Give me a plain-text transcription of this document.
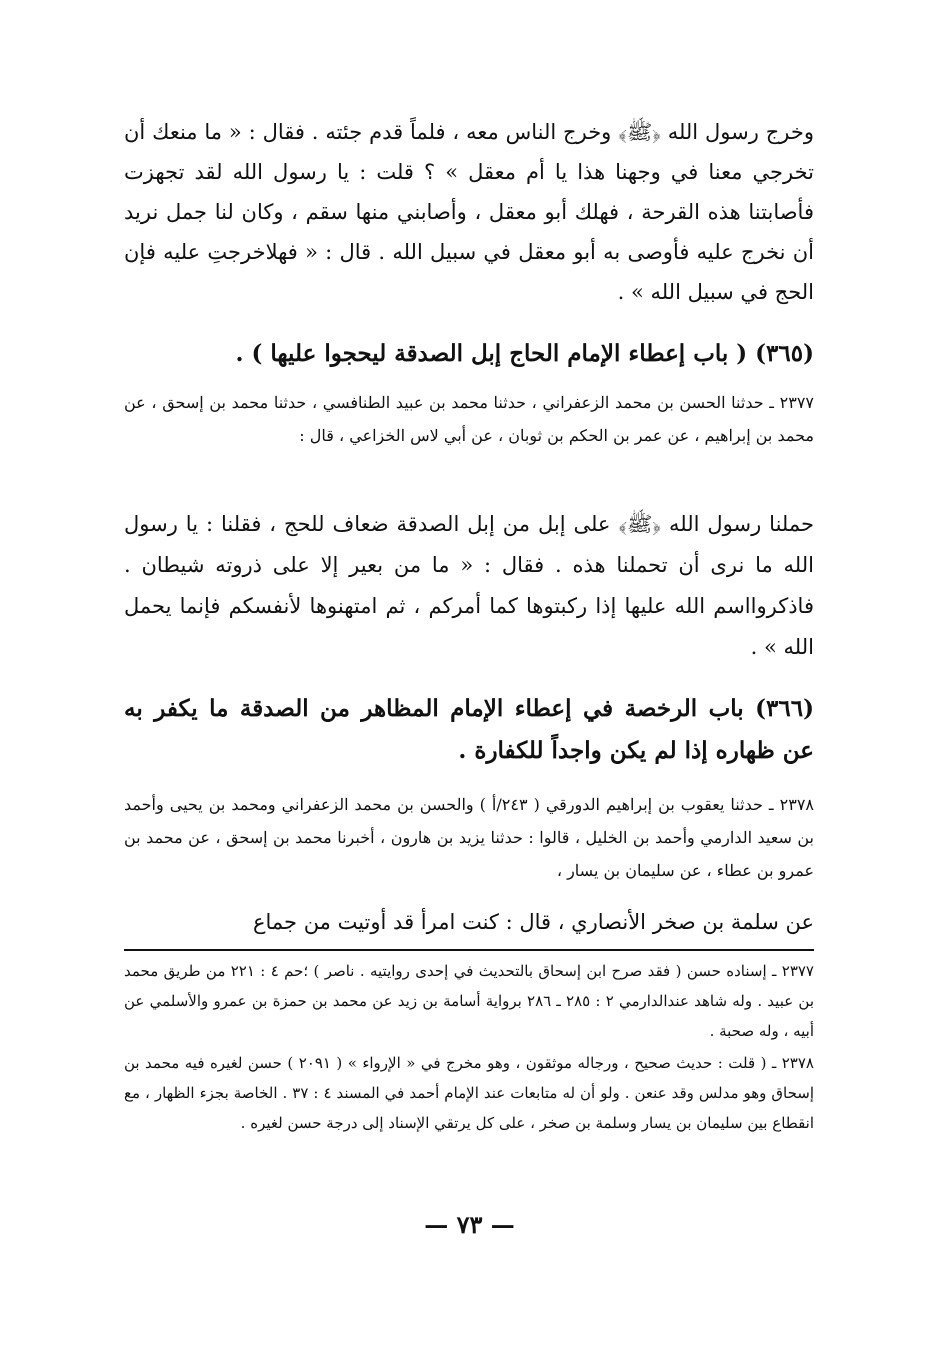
وخرج رسول الله ﴿ﷺ﴾ وخرج الناس معه ، فلماً قدم جئته . فقال : « ما منعك أن تخرجي معنا في وجهنا هذا يا أم معقل » ؟ قلت : يا رسول الله لقد تجهزت فأصابتنا هذه القرحة ، فهلك أبو معقل ، وأصابني منها سقم ، وكان لنا جمل نريد أن نخرج عليه فأوصى به أبو معقل في سبيل الله . قال : « فهلاخرجتِ عليه فإن الحج في سبيل الله » .

(٣٦٥) ( باب إعطاء الإمام الحاج إبل الصدقة ليحجوا عليها ) .

٢٣٧٧ ـ حدثنا الحسن بن محمد الزعفراني ، حدثنا محمد بن عبيد الطنافسي ، حدثنا محمد بن إسحق ، عن محمد بن إبراهيم ، عن عمر بن الحكم بن ثوبان ، عن أبي لاس الخزاعي ، قال :

حملنا رسول الله ﴿ﷺ﴾ على إبل من إبل الصدقة ضعاف للحج ، فقلنا : يا رسول الله ما نرى أن تحملنا هذه . فقال : « ما من بعير إلا على ذروته شيطان . فاذكروااسم الله عليها إذا ركبتوها كما أمركم ، ثم امتهنوها لأنفسكم فإنما يحمل الله » .

(٣٦٦) باب الرخصة في إعطاء الإمام المظاهر من الصدقة ما يكفر به عن ظهاره إذا لم يكن واجداً للكفارة .

٢٣٧٨ ـ حدثنا يعقوب بن إبراهيم الدورقي ( ٢٤٣/أ ) والحسن بن محمد الزعفراني ومحمد بن يحيى وأحمد بن سعيد الدارمي وأحمد بن الخليل ، قالوا : حدثنا يزيد بن هارون ، أخبرنا محمد بن إسحق ، عن محمد بن عمرو بن عطاء ، عن سليمان بن يسار ،

عن سلمة بن صخر الأنصاري ، قال : كنت امرأ قد أوتيت من جماع

٢٣٧٧ ـ إسناده حسن ( فقد صرح ابن إسحاق بالتحديث في إحدى روايتيه . ناصر ) ؛حم ٤ : ٢٢١ من طريق محمد بن عبيد . وله شاهد عندالدارمي ٢ : ٢٨٥ ـ ٢٨٦ برواية أسامة بن زيد عن محمد بن حمزة بن عمرو والأسلمي عن أبيه ، وله صحبة .

٢٣٧٨ ـ ( قلت : حديث صحيح ، ورجاله موثقون ، وهو مخرج في « الإرواء » ( ٢٠٩١ ) حسن لغيره فيه محمد بن إسحاق وهو مدلس وقد عنعن . ولو أن له متابعات عند الإمام أحمد في المسند ٤ : ٣٧ . الخاصة بجزء الظهار ، مع انقطاع بين سليمان بن يسار وسلمة بن صخر ، على كل يرتقي الإسناد إلى درجة حسن لغيره .

— ٧٣ —
